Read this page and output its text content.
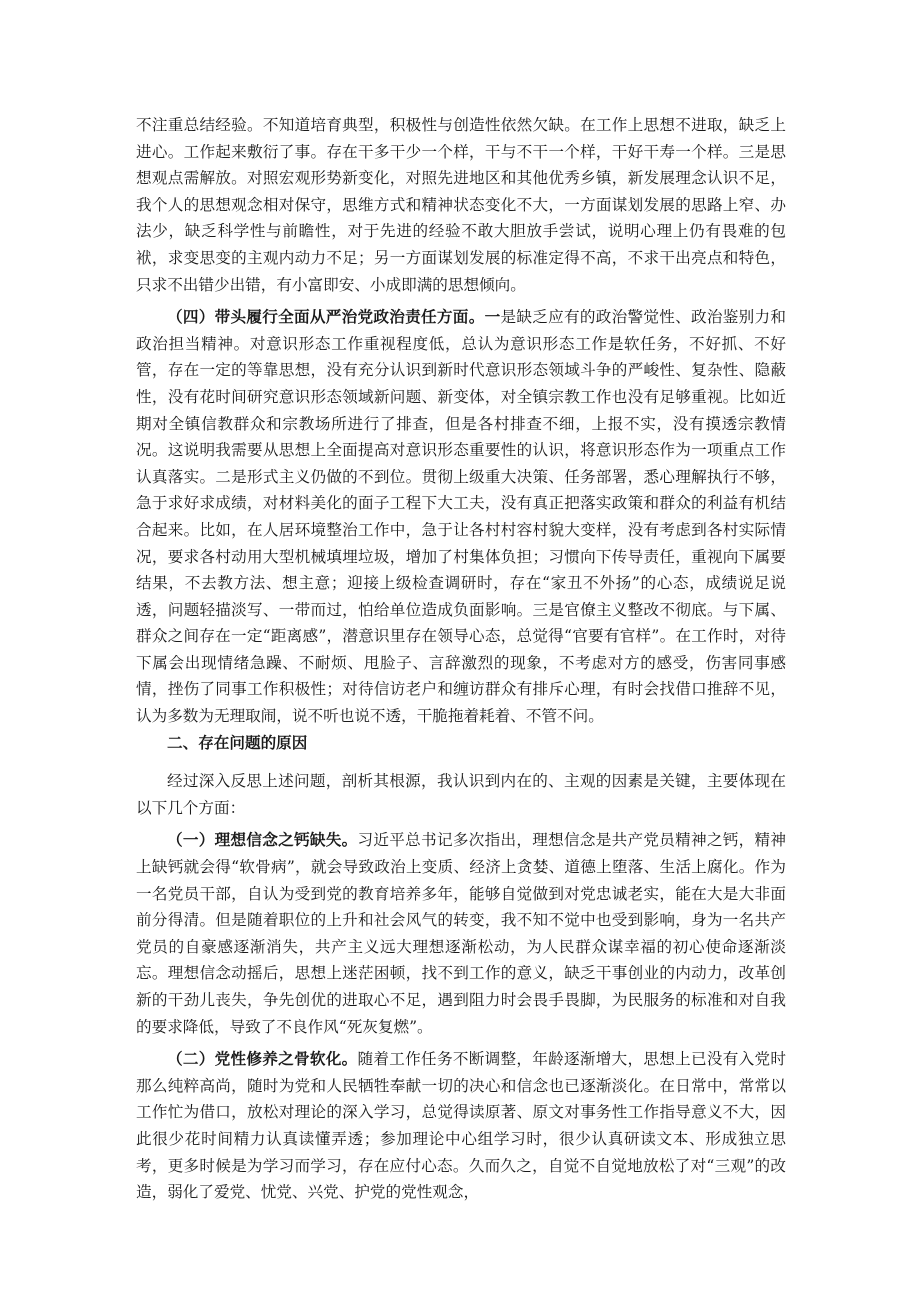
不注重总结经验。不知道培育典型，积极性与创造性依然欠缺。在工作上思想不进取，缺乏上进心。工作起来敷衍了事。存在干多干少一个样，干与不干一个样，干好干寿一个样。三是思想观点需解放。对照宏观形势新变化，对照先进地区和其他优秀乡镇，新发展理念认识不足，我个人的思想观念相对保守，思维方式和精神状态变化不大，一方面谋划发展的思路上窄、办法少，缺乏科学性与前瞻性，对于先进的经验不敢大胆放手尝试，说明心理上仍有畏难的包袱，求变思变的主观内动力不足；另一方面谋划发展的标准定得不高，不求干出亮点和特色，只求不出错少出错，有小富即安、小成即满的思想倾向。

（四）带头履行全面从严治党政治责任方面。一是缺乏应有的政治警觉性、政治鉴别力和政治担当精神。对意识形态工作重视程度低，总认为意识形态工作是软任务，不好抓、不好管，存在一定的等靠思想，没有充分认识到新时代意识形态领域斗争的严峻性、复杂性、隐蔽性，没有花时间研究意识形态领域新问题、新变体，对全镇宗教工作也没有足够重视。比如近期对全镇信教群众和宗教场所进行了排查，但是各村排查不细，上报不实，没有摸透宗教情况。这说明我需要从思想上全面提高对意识形态重要性的认识，将意识形态作为一项重点工作认真落实。二是形式主义仍做的不到位。贯彻上级重大决策、任务部署，悉心理解执行不够，急于求好求成绩，对材料美化的面子工程下大工夫，没有真正把落实政策和群众的利益有机结合起来。比如，在人居环境整治工作中，急于让各村村容村貌大变样，没有考虑到各村实际情况，要求各村动用大型机械填埋垃圾，增加了村集体负担；习惯向下传导责任，重视向下属要结果，不去教方法、想主意；迎接上级检查调研时，存在“家丑不外扬”的心态，成绩说足说透，问题轻描淡写、一带而过，怕给单位造成负面影响。三是官僚主义整改不彻底。与下属、群众之间存在一定“距离感”，潜意识里存在领导心态，总觉得“官要有官样”。在工作时，对待下属会出现情绪急躁、不耐烦、甩脸子、言辞激烈的现象，不考虑对方的感受，伤害同事感情，挫伤了同事工作积极性；对待信访老户和缠访群众有排斥心理，有时会找借口推辞不见，认为多数为无理取闹，说不听也说不透，干脆拖着耗着、不管不问。

二、存在问题的原因

经过深入反思上述问题，剖析其根源，我认识到内在的、主观的因素是关键，主要体现在以下几个方面：

（一）理想信念之钙缺失。习近平总书记多次指出，理想信念是共产党员精神之钙，精神上缺钙就会得“软骨病”，就会导致政治上变质、经济上贪婪、道德上堕落、生活上腐化。作为一名党员干部，自认为受到党的教育培养多年，能够自觉做到对党忠诚老实，能在大是大非面前分得清。但是随着职位的上升和社会风气的转变，我不知不觉中也受到影响，身为一名共产党员的自豪感逐渐消失，共产主义远大理想逐渐松动，为人民群众谋幸福的初心使命逐渐淡忘。理想信念动摇后，思想上迷茫困顿，找不到工作的意义，缺乏干事创业的内动力，改革创新的干劲儿丧失，争先创优的进取心不足，遇到阻力时会畏手畏脚，为民服务的标准和对自我的要求降低，导致了不良作风“死灰复燃”。

（二）党性修养之骨软化。随着工作任务不断调整，年龄逐渐增大，思想上已没有入党时那么纯粹高尚，随时为党和人民牺牲奉献一切的决心和信念也已逐渐淡化。在日常中，常常以工作忙为借口，放松对理论的深入学习，总觉得读原著、原文对事务性工作指导意义不大，因此很少花时间精力认真读懂弄透；参加理论中心组学习时，很少认真研读文本、形成独立思考，更多时候是为学习而学习，存在应付心态。久而久之，自觉不自觉地放松了对“三观”的改造，弱化了爱党、忧党、兴党、护党的党性观念，
